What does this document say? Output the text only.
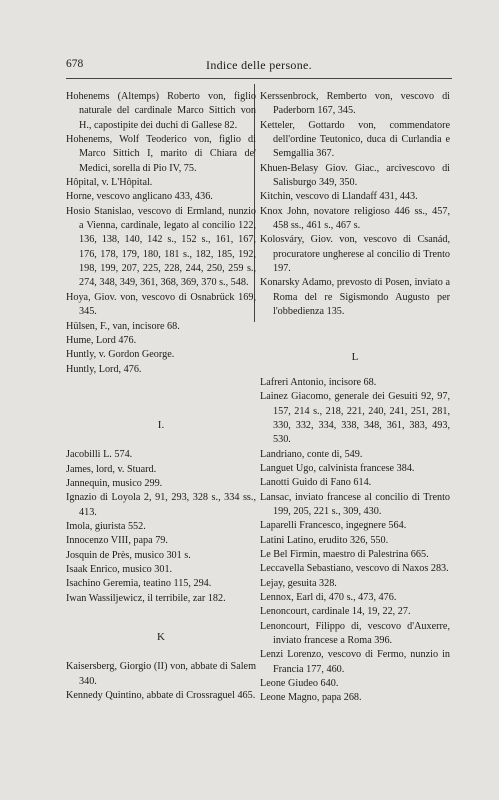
678	Indice delle persone.

Hohenems (Altemps) Roberto von, figlio naturale del cardinale Marco Sittich von H., capostipite dei duchi di Gallese 82.

Hohenems, Wolf Teoderico von, figlio di Marco Sittich I, marito di Chiara de' Medici, sorella di Pio IV, 75.

Hôpital, v. L'Hôpital.

Horne, vescovo anglicano 433, 436.

Hosio Stanislao, vescovo di Ermland, nunzio a Vienna, cardinale, legato al concilio 122, 136, 138, 140, 142 s., 152 s., 161, 167, 176, 178, 179, 180, 181 s., 182, 185, 192, 198, 199, 207, 225, 228, 244, 250, 259 s., 274, 348, 349, 361, 368, 369, 370 s., 548.

Hoya, Giov. von, vescovo di Osnabrück 169, 345.

Hülsen, F., van, incisore 68.

Hume, Lord 476.

Huntly, v. Gordon George.

Huntly, Lord, 476.

I.

Jacobilli L. 574.

James, lord, v. Stuard.

Jannequin, musico 299.

Ignazio di Loyola 2, 91, 293, 328 s., 334 ss., 413.

Imola, giurista 552.

Innocenzo VIII, papa 79.

Josquin de Près, musico 301 s.

Isaak Enrico, musico 301.

Isachino Geremia, teatino 115, 294.

Iwan Wassiljewicz, il terribile, zar 182.

K

Kaisersberg, Giorgio (II) von, abbate di Salem 340.

Kennedy Quintino, abbate di Crossraguel 465.

Kerssenbrock, Remberto von, vescovo di Paderborn 167, 345.

Ketteler, Gottardo von, commendatore dell'ordine Teutonico, duca di Curlandia e Semgallia 367.

Khuen-Belasy Giov. Giac., arcivescovo di Salisburgo 349, 350.

Kitchin, vescovo di Llandaff 431, 443.

Knox John, novatore religioso 446 ss., 457, 458 ss., 461 s., 467 s.

Kolosváry, Giov. von, vescovo di Csanád, procuratore ungherese al concilio di Trento 197.

Konarsky Adamo, prevosto di Posen, inviato a Roma del re Sigismondo Augusto per l'obbedienza 135.

L

Lafreri Antonio, incisore 68.

Lainez Giacomo, generale dei Gesuiti 92, 97, 157, 214 s., 218, 221, 240, 241, 251, 281, 330, 332, 334, 338, 348, 361, 383, 493, 530.

Landriano, conte di, 549.

Languet Ugo, calvinista francese 384.

Lanotti Guido di Fano 614.

Lansac, inviato francese al concilio di Trento 199, 205, 221 s., 309, 430.

Laparelli Francesco, ingegnere 564.

Latini Latino, erudito 326, 550.

Le Bel Firmin, maestro di Palestrina 665.

Leccavella Sebastiano, vescovo di Naxos 283.

Lejay, gesuita 328.

Lennox, Earl di, 470 s., 473, 476.

Lenoncourt, cardinale 14, 19, 22, 27.

Lenoncourt, Filippo di, vescovo d'Auxerre, inviato francese a Roma 396.

Lenzi Lorenzo, vescovo di Fermo, nunzio in Francia 177, 460.

Leone Giudeo 640.

Leone Magno, papa 268.
